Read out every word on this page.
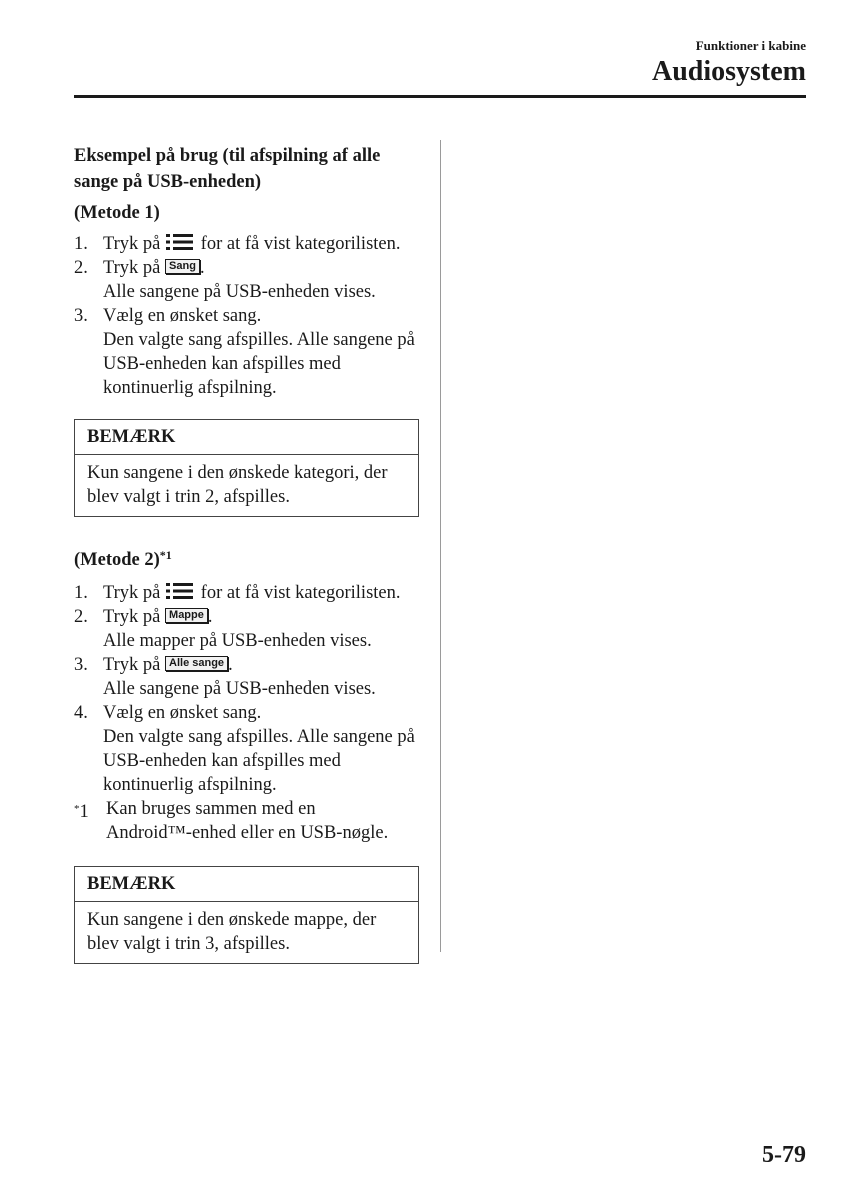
Funktioner i kabine
Audiosystem

Eksempel på brug (til afspilning af alle sange på USB-enheden)

(Metode 1)

1. Tryk på for at få vist kategorilisten.
2. Tryk på Sang .
Alle sangene på USB-enheden vises.
3. Vælg en ønsket sang.
Den valgte sang afspilles. Alle sangene på USB-enheden kan afspilles med kontinuerlig afspilning.
BEMÆRK
Kun sangene i den ønskede kategori, der blev valgt i trin 2, afspilles.

(Metode 2)$^{*1}$

1. Tryk på for at få vist kategorilisten.
2. Tryk på Mappe .
Alle mapper på USB-enheden vises.
3. Tryk på Alle sange .
Alle sangene på USB-enheden vises.
4. Vælg en ønsket sang.
Den valgte sang afspilles. Alle sangene på USB-enheden kan afspilles med kontinuerlig afspilning.
*1 Kan bruges sammen med en
Android™-enhed eller en USB-nøgle.
BEMÆRK
Kun sangene i den ønskede mappe, der blev valgt i trin 3, afspilles.
5-79
